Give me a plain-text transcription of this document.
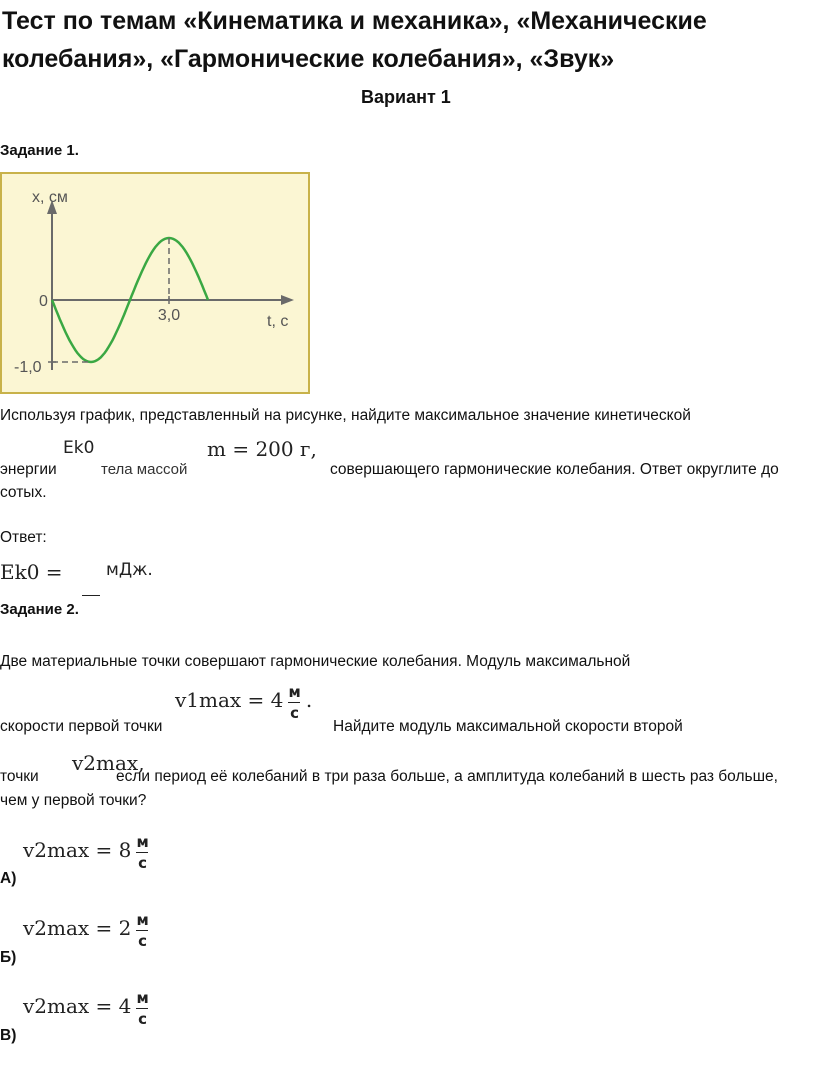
Тест по темам «Кинематика и механика», «Механические колебания», «Гармонические колебания», «Звук»
Вариант 1
Задание 1.
x, см
t, с
3,0
0
-1,0
Используя график, представленный на рисунке, найдите максимальное значение кинетической
Ek0	m = 200 г,
энергии	тела массой	совершающего гармонические колебания. Ответ округлите до
сотых.
Ответ:
Ek0 =	мДж.
Задание 2.
Две материальные точки совершают гармонические колебания. Модуль максимальной
$v1\max = 4 \frac{м}{с}$ .
скорости первой точки	Найдите модуль максимальной скорости второй
v2max,
точки	если период её колебаний в три раза больше, а амплитуда колебаний в шесть раз больше,
чем у первой точки?
$v2\max = 8 \frac{м}{с}$
А)
$v2\max = 2 \frac{м}{с}$
Б)
$v2\max = 4 \frac{м}{с}$
В)
